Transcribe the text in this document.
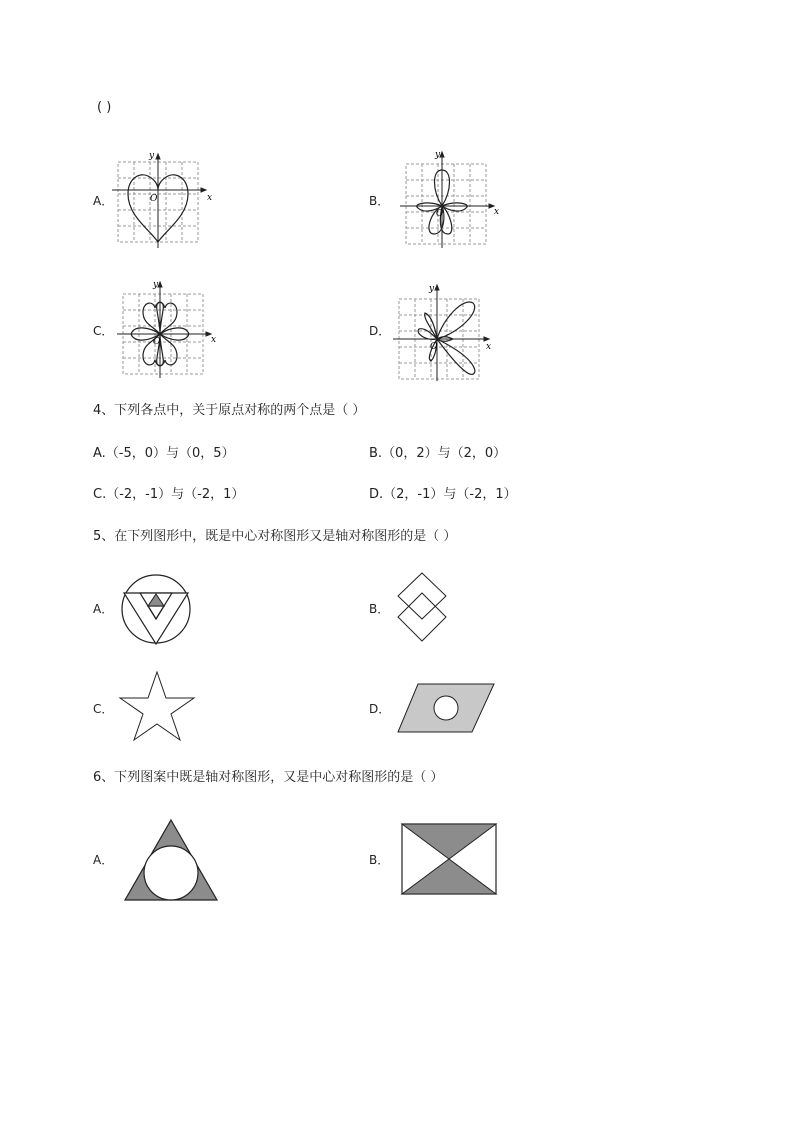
( )
A．	x
y
O	B．
x
y
O
C．
x
y
O
D．
x
y
O
4、下列各点中，关于原点对称的两个点是（ ）
A.（-5，0）与（0，5）	B.（0，2）与（2，0）
C.（-2，-1）与（-2，1）	D.（2，-1）与（-2，1）
5、在下列图形中，既是中心对称图形又是轴对称图形的是（ ）
A．	B．
C．	D．
6、下列图案中既是轴对称图形，又是中心对称图形的是（ ）
A．	B．
